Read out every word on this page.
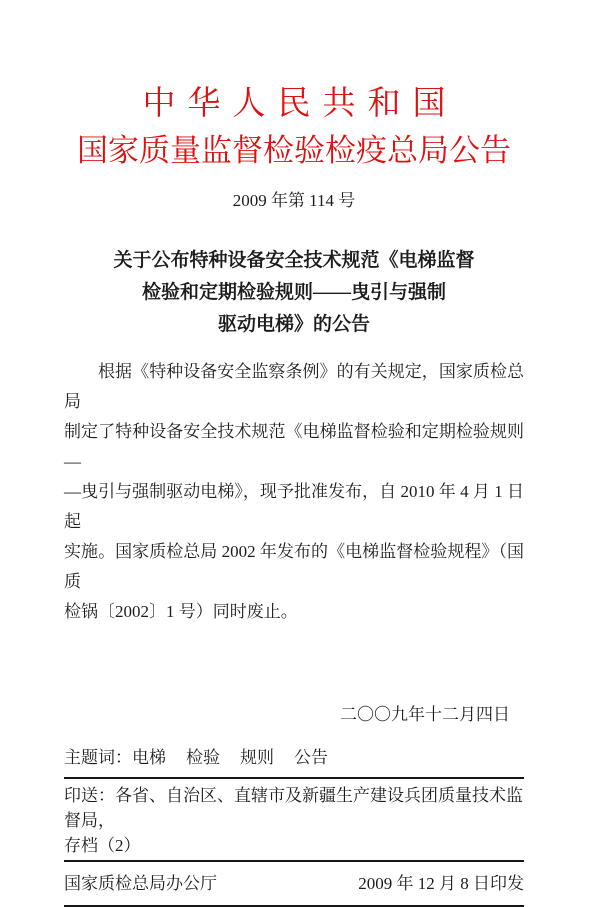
中华人民共和国
国家质量监督检验检疫总局公告
2009 年第 114 号
关于公布特种设备安全技术规范《电梯监督
检验和定期检验规则——曳引与强制
驱动电梯》的公告
根据《特种设备安全监察条例》的有关规定，国家质检总局
制定了特种设备安全技术规范《电梯监督检验和定期检验规则—
—曳引与强制驱动电梯》，现予批准发布，自 2010 年 4 月 1 日起
实施。国家质检总局 2002 年发布的《电梯监督检验规程》（国质
检锅〔2002〕1 号）同时废止。
二〇〇九年十二月四日
主题词： 电梯 检验 规则 公告
印送：各省、自治区、直辖市及新疆生产建设兵团质量技术监督局，
存档（2）
国家质检总局办公厅	2009 年 12 月 8 日印发
